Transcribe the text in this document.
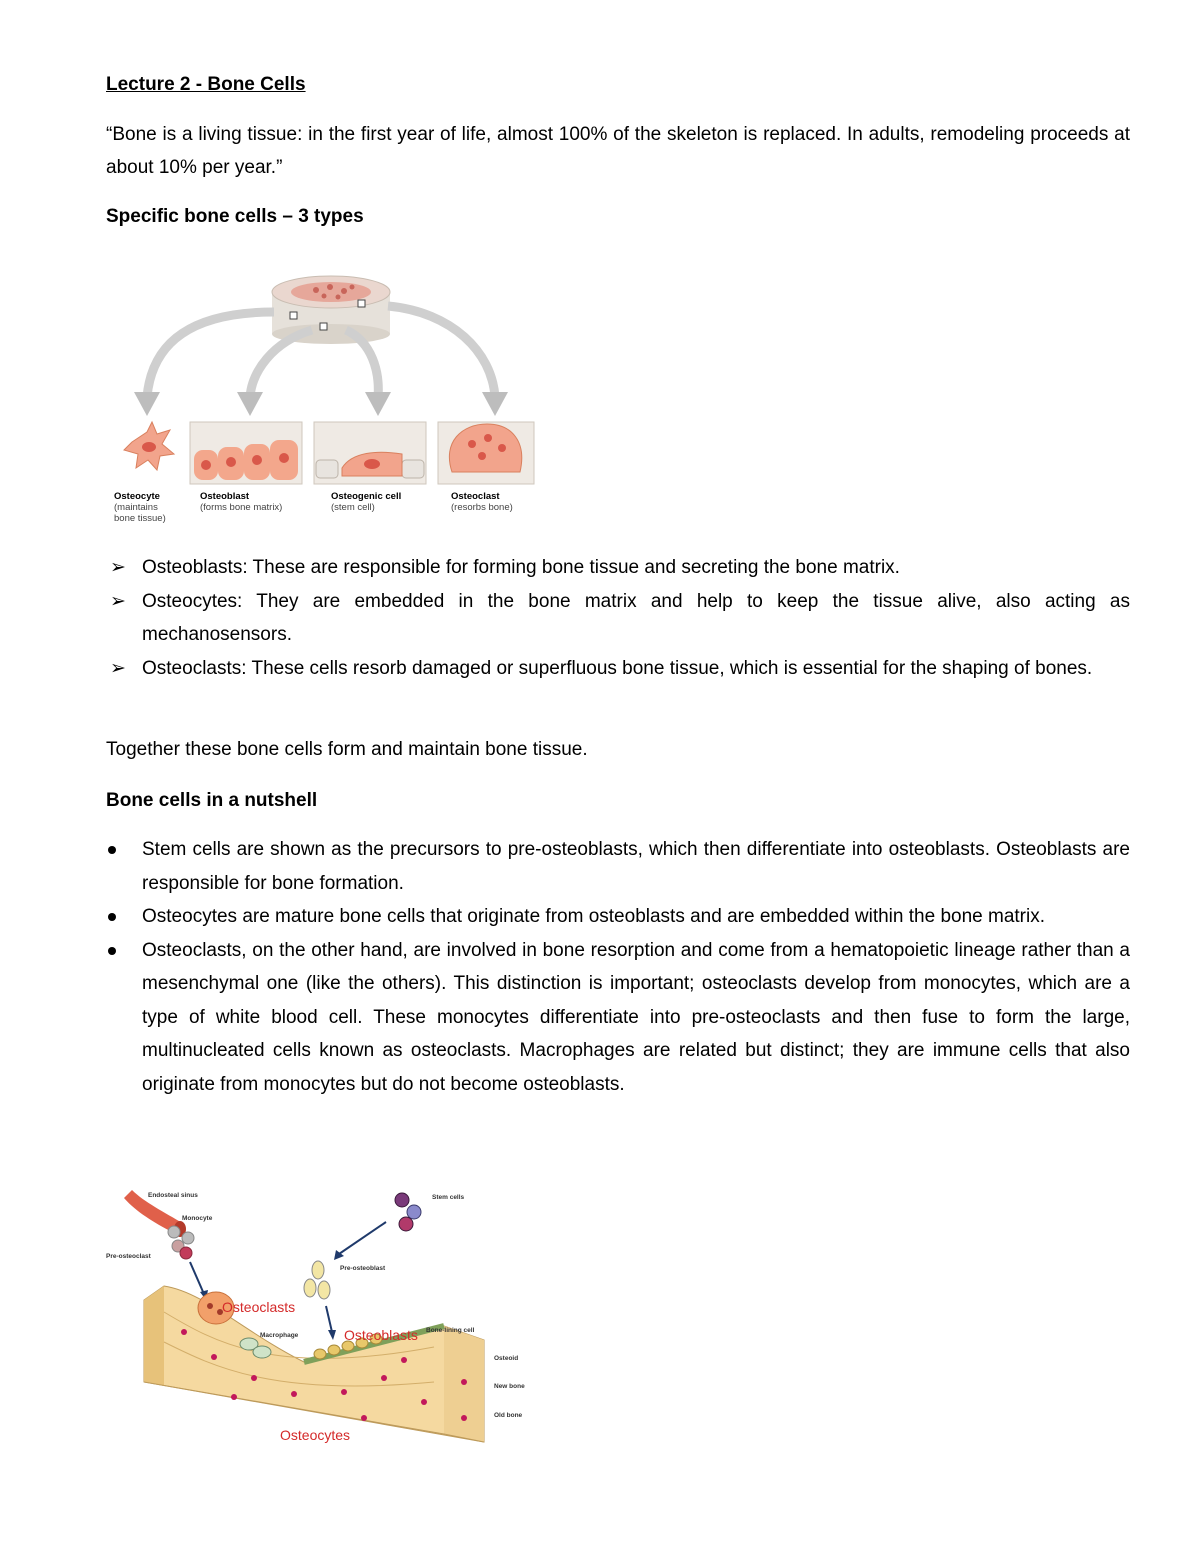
Lecture 2 - Bone Cells
“Bone is a living tissue: in the first year of life, almost 100% of the skeleton is replaced. In adults, remodeling proceeds at about 10% per year.”
Specific bone cells – 3 types
Osteocyte
(maintains
bone tissue)
Osteoblast
(forms bone matrix)
Osteogenic cell
(stem cell)
Osteoclast
(resorbs bone)
➢ Osteoblasts: These are responsible for forming bone tissue and secreting the bone matrix.
➢ Osteocytes: They are embedded in the bone matrix and help to keep the tissue alive, also acting as mechanosensors.
➢ Osteoclasts: These cells resorb damaged or superfluous bone tissue, which is essential for the shaping of bones.
Together these bone cells form and maintain bone tissue.
Bone cells in a nutshell
Stem cells are shown as the precursors to pre-osteoblasts, which then differentiate into osteoblasts. Osteoblasts are responsible for bone formation.
Osteocytes are mature bone cells that originate from osteoblasts and are embedded within the bone matrix.
Osteoclasts, on the other hand, are involved in bone resorption and come from a hematopoietic lineage rather than a mesenchymal one (like the others). This distinction is important; osteoclasts develop from monocytes, which are a type of white blood cell. These monocytes differentiate into pre-osteoclasts and then fuse to form the large, multinucleated cells known as osteoclasts. Macrophages are related but distinct; they are immune cells that also originate from monocytes but do not become osteoblasts.
Endosteal sinus
Monocyte
Pre-osteoclast
Stem cells
Pre-osteoblast
Osteoclasts
Macrophage	Osteoblasts Bone-lining cell
Osteoid
New bone
Old bone
Osteocytes
